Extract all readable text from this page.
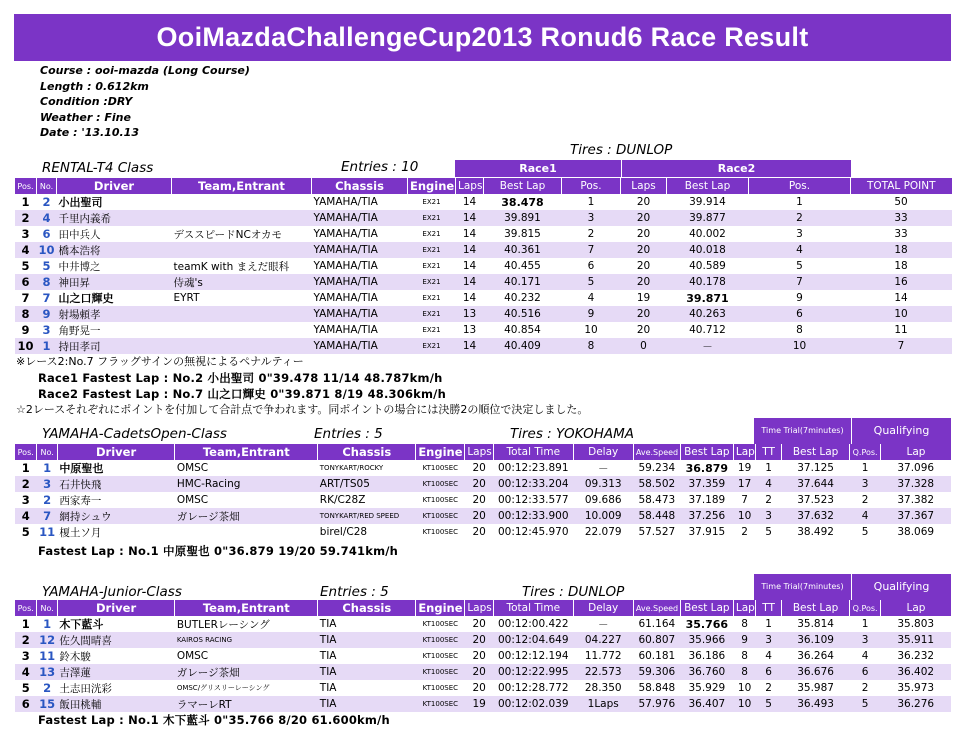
OoiMazdaChallengeCup2013 Ronud6 Race Result
Course : ooi-mazda (Long Course)
Length : 0.612km
Condition :DRY
Weather : Fine
Date : '13.10.13
RENTAL-T4 Class	Entries : 10
Tires : DUNLOP
Race1	Race2
Pos.	No.	Driver	Team,Entrant	Chassis	Engine	Laps	Best Lap	Pos.	Laps	Best Lap	Pos.	TOTAL POINT
1	2	小出聖司		YAMAHA/TIA	EX21	14	38.478	1	20	39.914	1	50
2	4	千里内義希		YAMAHA/TIA	EX21	14	39.891	3	20	39.877	2	33
3	6	田中兵人	デススピードNCオカモ	YAMAHA/TIA	EX21	14	39.815	2	20	40.002	3	33
4	10	橋本浩将		YAMAHA/TIA	EX21	14	40.361	7	20	40.018	4	18
5	5	中井博之	teamK with まえだ眼科	YAMAHA/TIA	EX21	14	40.455	6	20	40.589	5	18
6	8	神田昇	侍魂's	YAMAHA/TIA	EX21	14	40.171	5	20	40.178	7	16
7	7	山之口輝史	EYRT	YAMAHA/TIA	EX21	14	40.232	4	19	39.871	9	14
8	9	射場頼孝		YAMAHA/TIA	EX21	13	40.516	9	20	40.263	6	10
9	3	角野晃一		YAMAHA/TIA	EX21	13	40.854	10	20	40.712	8	11
10	1	持田孝司		YAMAHA/TIA	EX21	14	40.409	8	0	－	10	7
※レース2:No.7 フラッグサインの無視によるペナルティー
Race1 Fastest Lap : No.2 小出聖司 0"39.478 11/14 48.787km/h
Race2 Fastest Lap : No.7 山之口輝史 0"39.871 8/19 48.306km/h
☆2レースそれぞれにポイントを付加して合計点で争われます。同ポイントの場合には決勝2の順位で決定しました。
YAMAHA-CadetsOpen-Class	Entries : 5	Tires : YOKOHAMA	Time Trial(7minutes)	Qualifying
Pos.	No.	Driver	Team,Entrant	Chassis	Engine	Laps	Total Time	Delay	Ave.Speed	Best Lap	Lap	TT	Best Lap	Q.Pos.	Lap
1	1	中原聖也	OMSC	TONYKART/ROCKY	KT100SEC	20	00:12:23.891	－	59.234	36.879	19	1	37.125	1	37.096
2	3	石井快飛	HMC-Racing	ART/TS05	KT100SEC	20	00:12:33.204	09.313	58.502	37.359	17	4	37.644	3	37.328
3	2	西家寿一	OMSC	RK/C28Z	KT100SEC	20	00:12:33.577	09.686	58.473	37.189	7	2	37.523	2	37.382
4	7	網持シュウ	ガレージ茶畑	TONYKART/RED SPEED	KT100SEC	20	00:12:33.900	10.009	58.448	37.256	10	3	37.632	4	37.367
5	11	榎土ソ月		birel/C28	KT100SEC	20	00:12:45.970	22.079	57.527	37.915	2	5	38.492	5	38.069
Fastest Lap : No.1 中原聖也 0"36.879 19/20 59.741km/h
YAMAHA-Junior-Class	Entries : 5	Tires : DUNLOP	Time Trial(7minutes)	Qualifying
Pos.	No.	Driver	Team,Entrant	Chassis	Engine	Laps	Total Time	Delay	Ave.Speed	Best Lap	Lap	TT	Best Lap	Q.Pos.	Lap
1	1	木下藍斗	BUTLERレーシング	TIA	KT100SEC	20	00:12:00.422	－	61.164	35.766	8	1	35.814	1	35.803
2	12	佐久間晴喜	KAIROS RACING	TIA	KT100SEC	20	00:12:04.649	04.227	60.807	35.966	9	3	36.109	3	35.911
3	11	鈴木駿	OMSC	TIA	KT100SEC	20	00:12:12.194	11.772	60.181	36.186	8	4	36.264	4	36.232
4	13	吉澤蓮	ガレージ茶畑	TIA	KT100SEC	20	00:12:22.995	22.573	59.306	36.760	8	6	36.676	6	36.402
5	2	土志田洸彩	OMSC/グリスリーレーシング	TIA	KT100SEC	20	00:12:28.772	28.350	58.848	35.929	10	2	35.987	2	35.973
6	15	飯田桃輔	ラマーレRT	TIA	KT100SEC	19	00:12:02.039	1Laps	57.976	36.407	10	5	36.493	5	36.276
Fastest Lap : No.1 木下藍斗 0"35.766 8/20 61.600km/h
